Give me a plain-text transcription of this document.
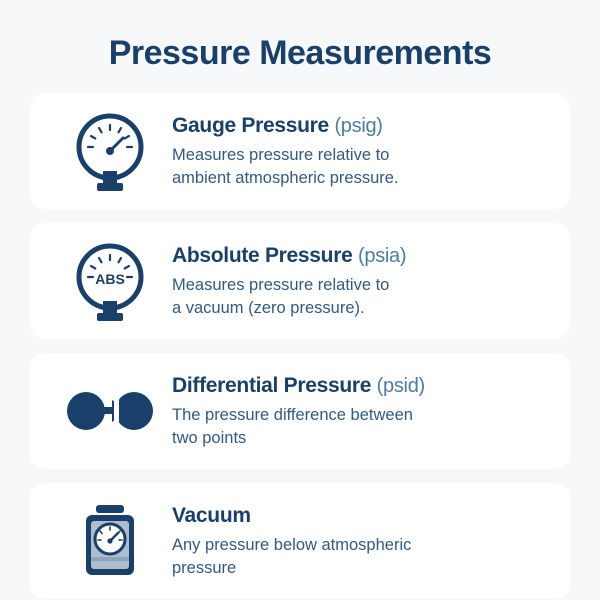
Pressure Measurements

Gauge Pressure (psig)

Measures pressure relative to
ambient atmospheric pressure.

ABS

Absolute Pressure (psia)

Measures pressure relative to
a vacuum (zero pressure).

Differential Pressure (psid)

The pressure difference between
two points

Vacuum

Any pressure below atmospheric
pressure
